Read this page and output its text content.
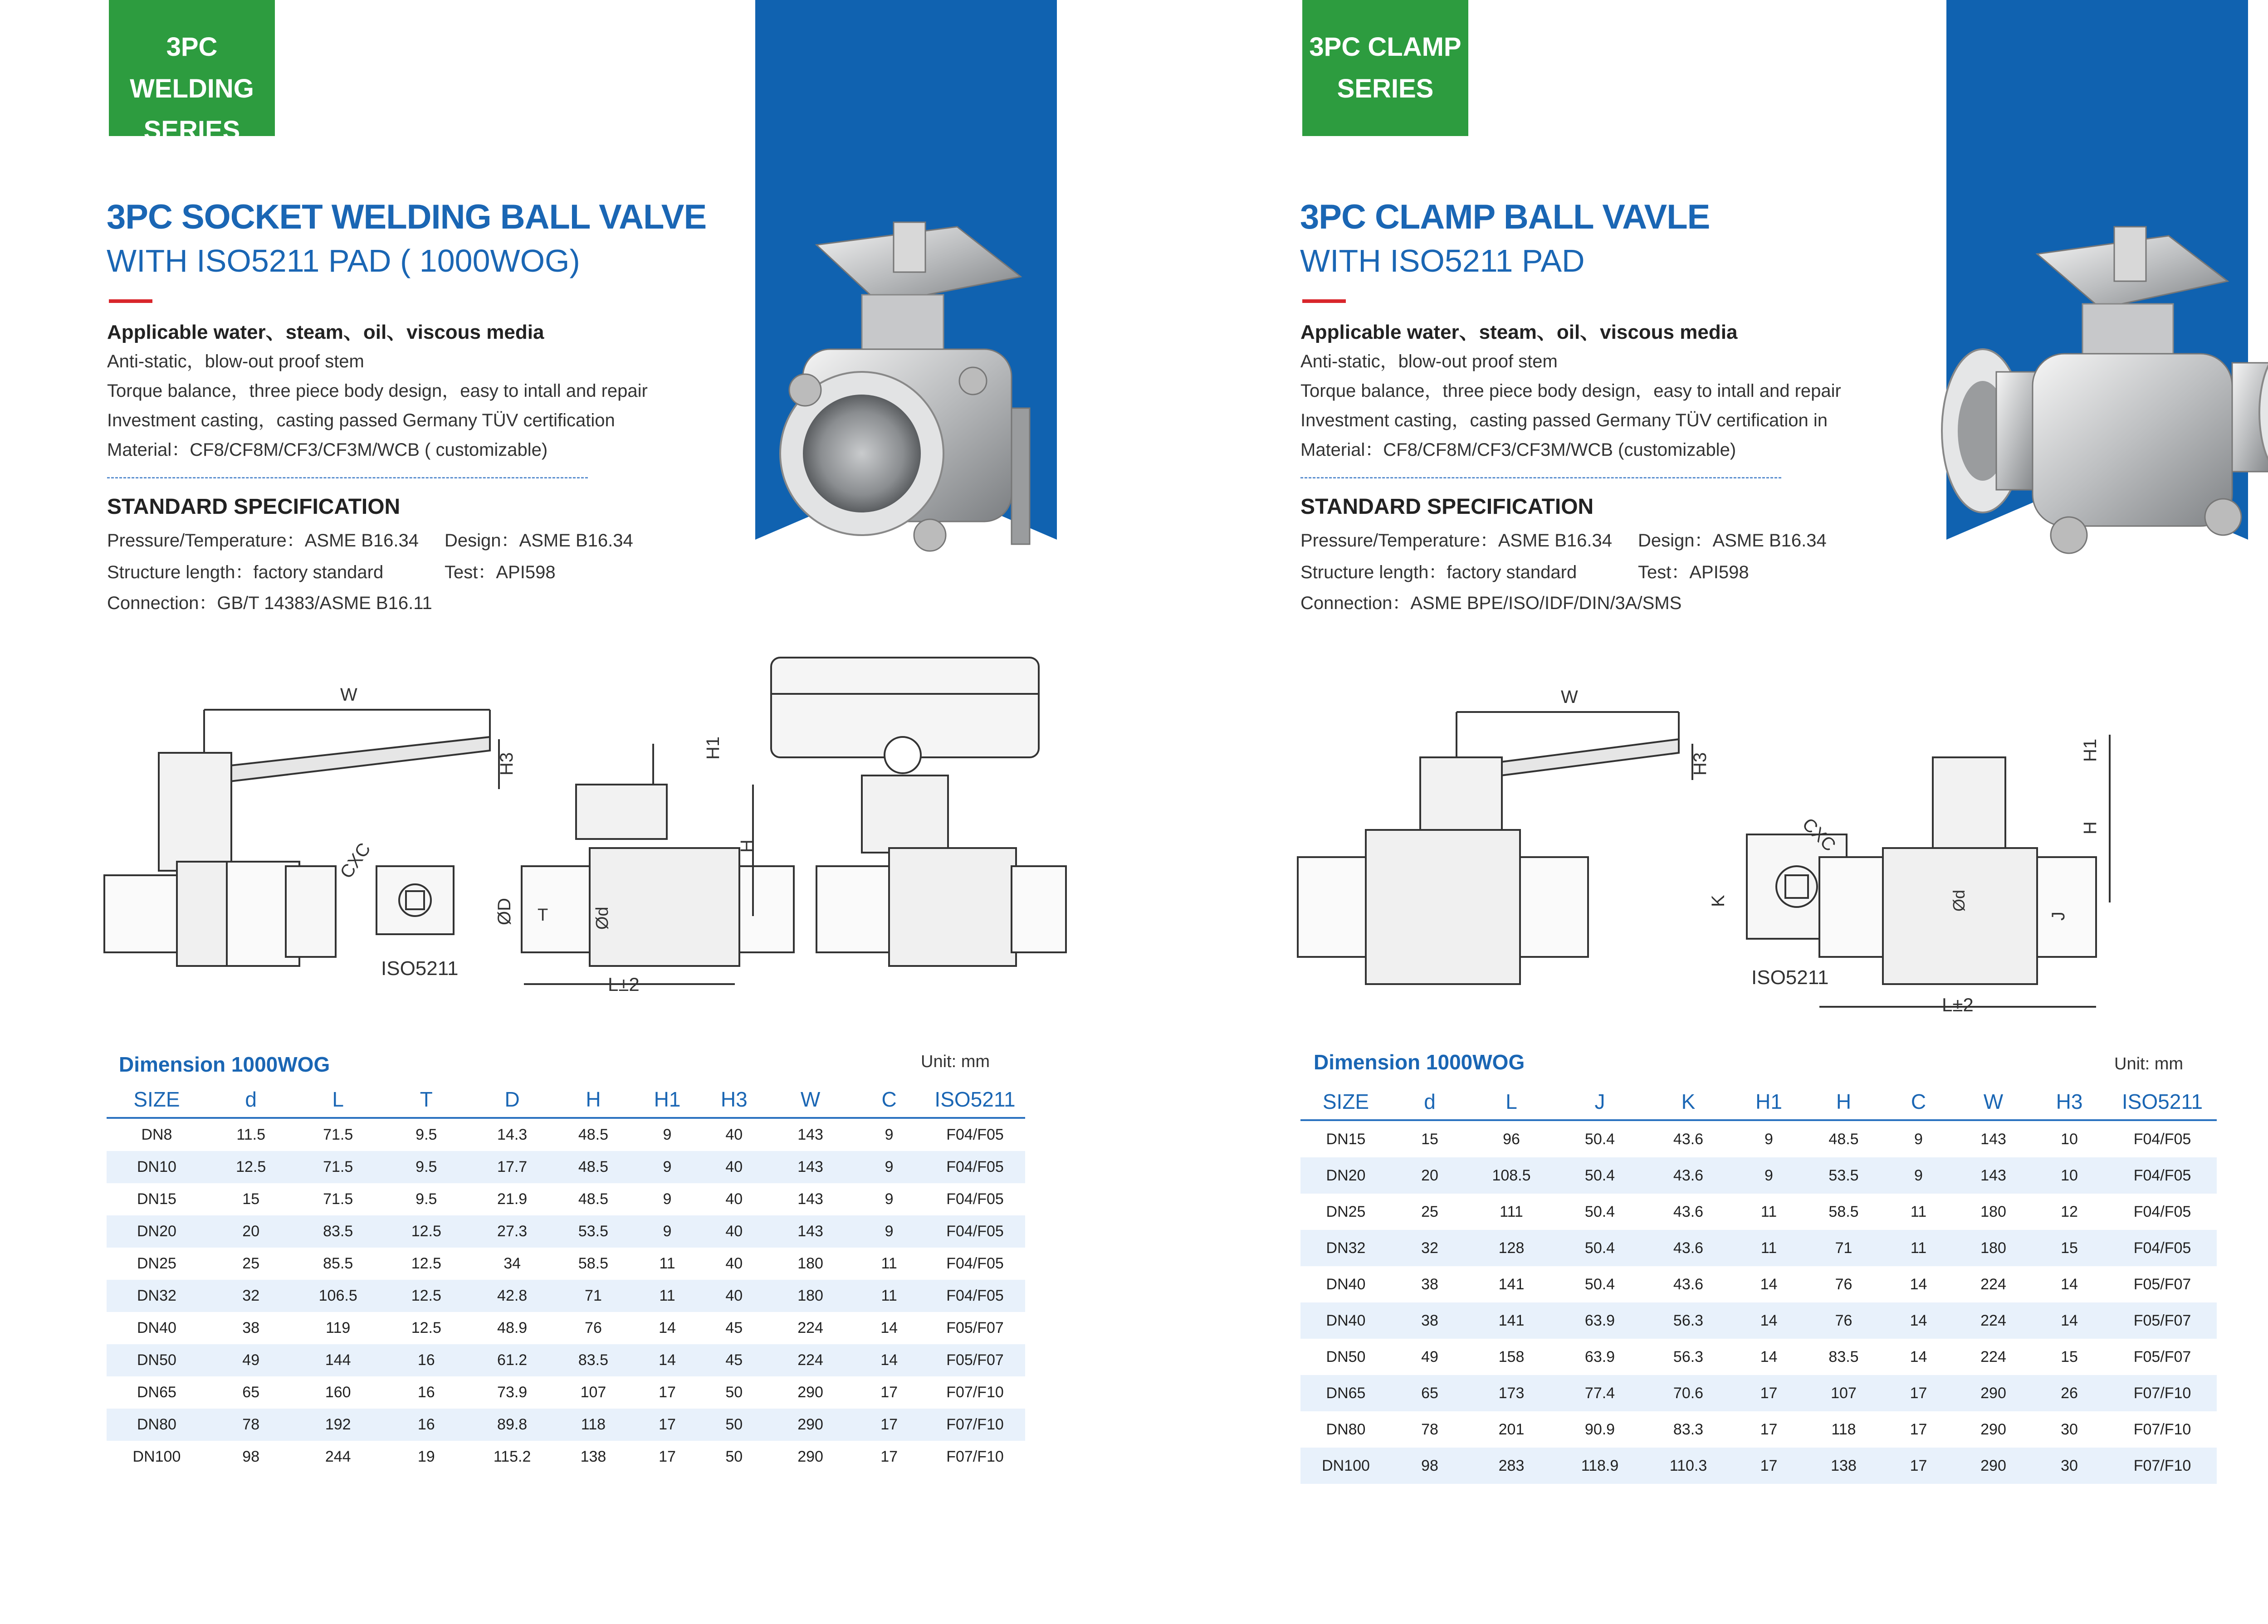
3PC WELDING
SERIES
3PC SOCKET WELDING BALL VALVE
WITH ISO5211 PAD ( 1000WOG)
Applicable water、steam、oil、viscous media
Anti-static，blow-out proof stem
Torque balance，three piece body design，easy to intall and repair
Investment casting，casting passed Germany TÜV certification
Material：CF8/CF8M/CF3/CF3M/WCB ( customizable)
STANDARD SPECIFICATION
Pressure/Temperature：ASME B16.34 Design：ASME B16.34
Structure length：factory standard	Test：API598
Connection：GB/T 14383/ASME B16.11
W
H3
CXC
ISO5211
H1
H
ØD T	Ød
L±2
Dimension 1000WOG	Unit: mm
SIZE	d	L	T	D	H	H1	H3	W	C	ISO5211
DN8	11.5	71.5	9.5	14.3	48.5	9	40	143	9	F04/F05
DN10	12.5	71.5	9.5	17.7	48.5	9	40	143	9	F04/F05
DN15	15	71.5	9.5	21.9	48.5	9	40	143	9	F04/F05
DN20	20	83.5	12.5	27.3	53.5	9	40	143	9	F04/F05
DN25	25	85.5	12.5	34	58.5	11	40	180	11	F04/F05
DN32	32	106.5	12.5	42.8	71	11	40	180	11	F04/F05
DN40	38	119	12.5	48.9	76	14	45	224	14	F05/F07
DN50	49	144	16	61.2	83.5	14	45	224	14	F05/F07
DN65	65	160	16	73.9	107	17	50	290	17	F07/F10
DN80	78	192	16	89.8	118	17	50	290	17	F07/F10
DN100	98	244	19	115.2	138	17	50	290	17	F07/F10
3PC CLAMP
SERIES
3PC CLAMP BALL VAVLE
WITH ISO5211 PAD
Applicable water、steam、oil、viscous media
Anti-static，blow-out proof stem
Torque balance，three piece body design，easy to intall and repair
Investment casting，casting passed Germany TÜV certification in
Material：CF8/CF8M/CF3/CF3M/WCB (customizable)
STANDARD SPECIFICATION
Pressure/Temperature：ASME B16.34 Design：ASME B16.34
Structure length：factory standard	Test：API598
Connection：ASME BPE/ISO/IDF/DIN/3A/SMS
W
H3
CXC
K
ISO5211
H1
H
J
Ød
L±2
Dimension 1000WOG	Unit: mm
SIZE	d	L	J	K	H1	H	C	W	H3	ISO5211
DN15	15	96	50.4	43.6	9	48.5	9	143	10	F04/F05
DN20	20	108.5	50.4	43.6	9	53.5	9	143	10	F04/F05
DN25	25	111	50.4	43.6	11	58.5	11	180	12	F04/F05
DN32	32	128	50.4	43.6	11	71	11	180	15	F04/F05
DN40	38	141	50.4	43.6	14	76	14	224	14	F05/F07
DN40	38	141	63.9	56.3	14	76	14	224	14	F05/F07
DN50	49	158	63.9	56.3	14	83.5	14	224	15	F05/F07
DN65	65	173	77.4	70.6	17	107	17	290	26	F07/F10
DN80	78	201	90.9	83.3	17	118	17	290	30	F07/F10
DN100	98	283	118.9	110.3	17	138	17	290	30	F07/F10
